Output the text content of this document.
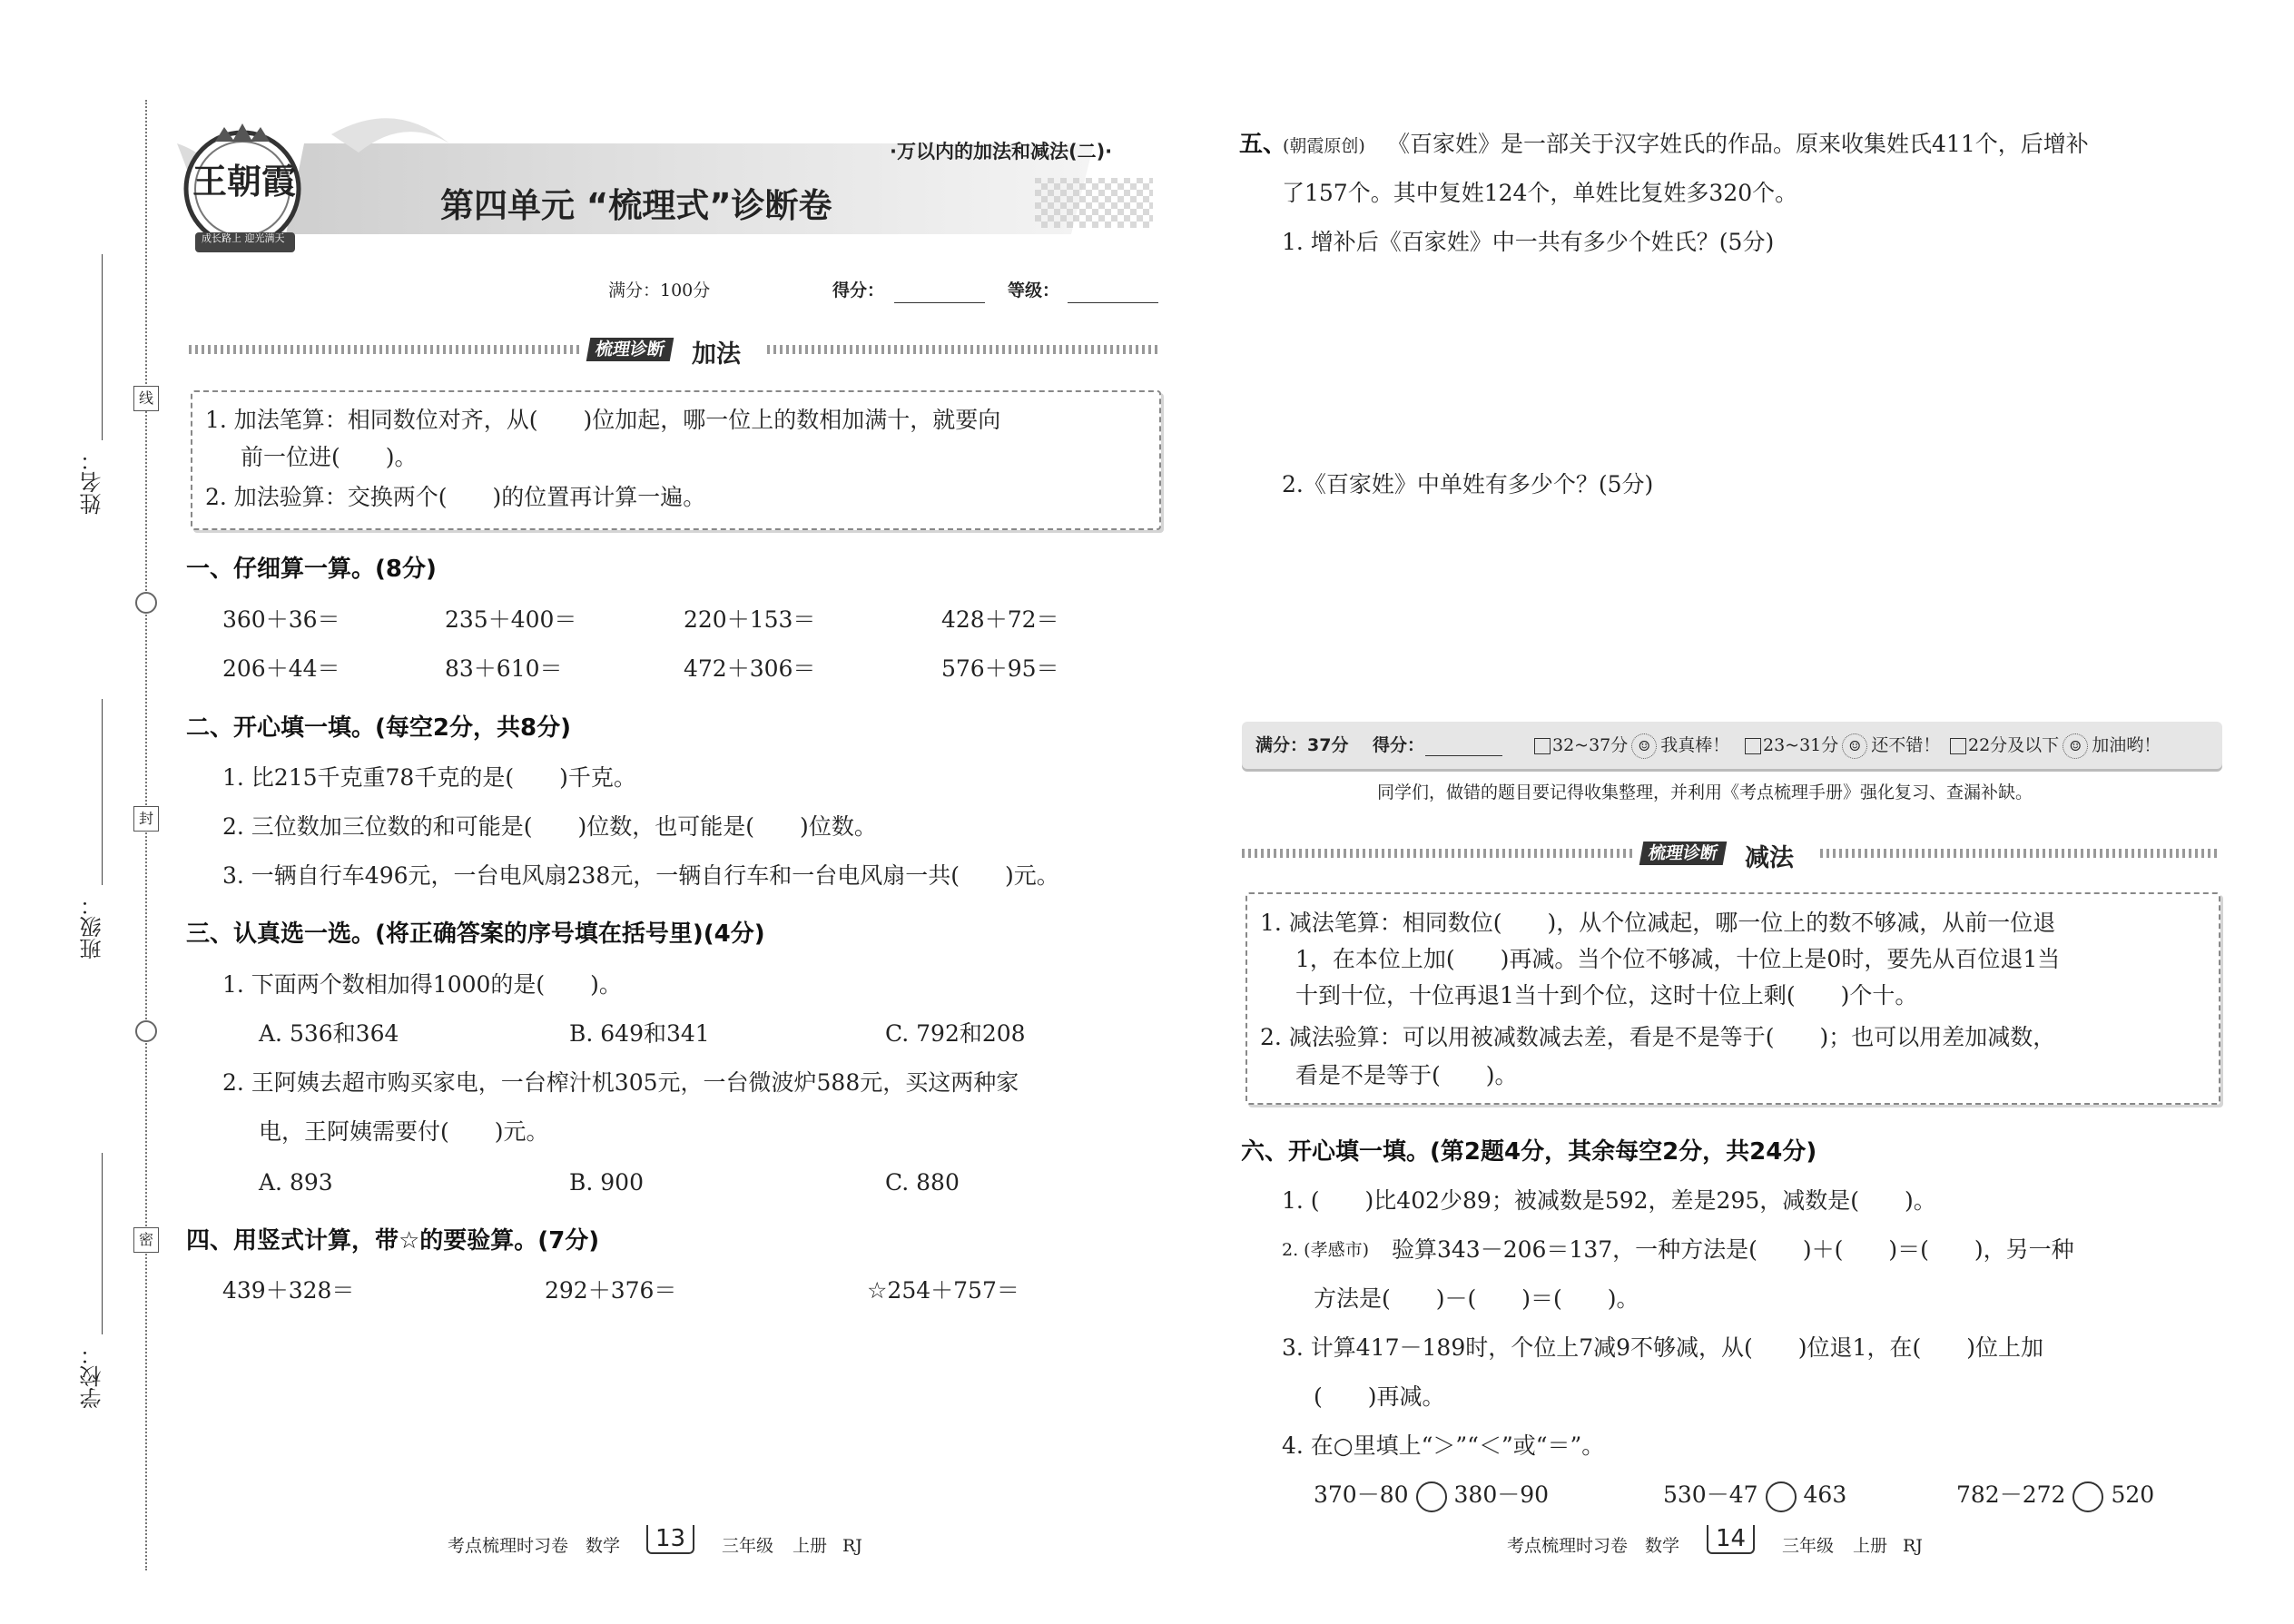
线
封
密
姓名：
班级：
学校：
王朝霞
成长路上 迎光满天
·万以内的加法和减法(二)·
第四单元 “梳理式”诊断卷
满分：100分	得分：	等级：
梳理诊断	加法
1. 加法笔算：相同数位对齐，从(　　)位加起，哪一位上的数相加满十，就要向
前一位进(　　)。
2. 加法验算：交换两个(　　)的位置再计算一遍。
一、仔细算一算。(8分)
360＋36＝	235＋400＝	220＋153＝	428＋72＝
206＋44＝	83＋610＝	472＋306＝	576＋95＝
二、开心填一填。(每空2分，共8分)
1. 比215千克重78千克的是(　　)千克。
2. 三位数加三位数的和可能是(　　)位数，也可能是(　　)位数。
3. 一辆自行车496元，一台电风扇238元，一辆自行车和一台电风扇一共(　　)元。
三、认真选一选。(将正确答案的序号填在括号里)(4分)
1. 下面两个数相加得1000的是(　　)。
A. 536和364	B. 649和341	C. 792和208
2. 王阿姨去超市购买家电，一台榨汁机305元，一台微波炉588元，买这两种家
电，王阿姨需要付(　　)元。
A. 893	B. 900	C. 880
四、用竖式计算，带☆的要验算。(7分)
439＋328＝	292＋376＝	☆254＋757＝
考点梳理时习卷 数学	13	三年级 上册 RJ
五、
(朝霞原创) 《百家姓》是一部关于汉字姓氏的作品。原来收集姓氏411个，后增补
了157个。其中复姓124个，单姓比复姓多320个。
1. 增补后《百家姓》中一共有多少个姓氏？(5分)
2.《百家姓》中单姓有多少个？(5分)
满分：37分 得分：	32~37分 ☺ 我真棒！	23~31分 ☺ 还不错！	22分及以下 ☺ 加油哟！
同学们，做错的题目要记得收集整理，并利用《考点梳理手册》强化复习、查漏补缺。
梳理诊断	减法
1. 减法笔算：相同数位(　　)，从个位减起，哪一位上的数不够减，从前一位退
1，在本位上加(　　)再减。当个位不够减，十位上是0时，要先从百位退1当
十到十位，十位再退1当十到个位，这时十位上剩(　　)个十。
2. 减法验算：可以用被减数减去差，看是不是等于(　　)；也可以用差加减数，
看是不是等于(　　)。
六、开心填一填。(第2题4分，其余每空2分，共24分)
1. (　　)比402少89；被减数是592，差是295，减数是(　　)。
2. (孝感市) 验算343－206＝137，一种方法是(　　)＋(　　)＝(　　)，另一种
方法是(　　)－(　　)＝(　　)。
3. 计算417－189时，个位上7减9不够减，从(　　)位退1，在(　　)位上加
(　　)再减。
4. 在○里填上“＞”“＜”或“＝”。
370－80 380－90	530－47 463	782－272 520
考点梳理时习卷 数学	14	三年级 上册 RJ
